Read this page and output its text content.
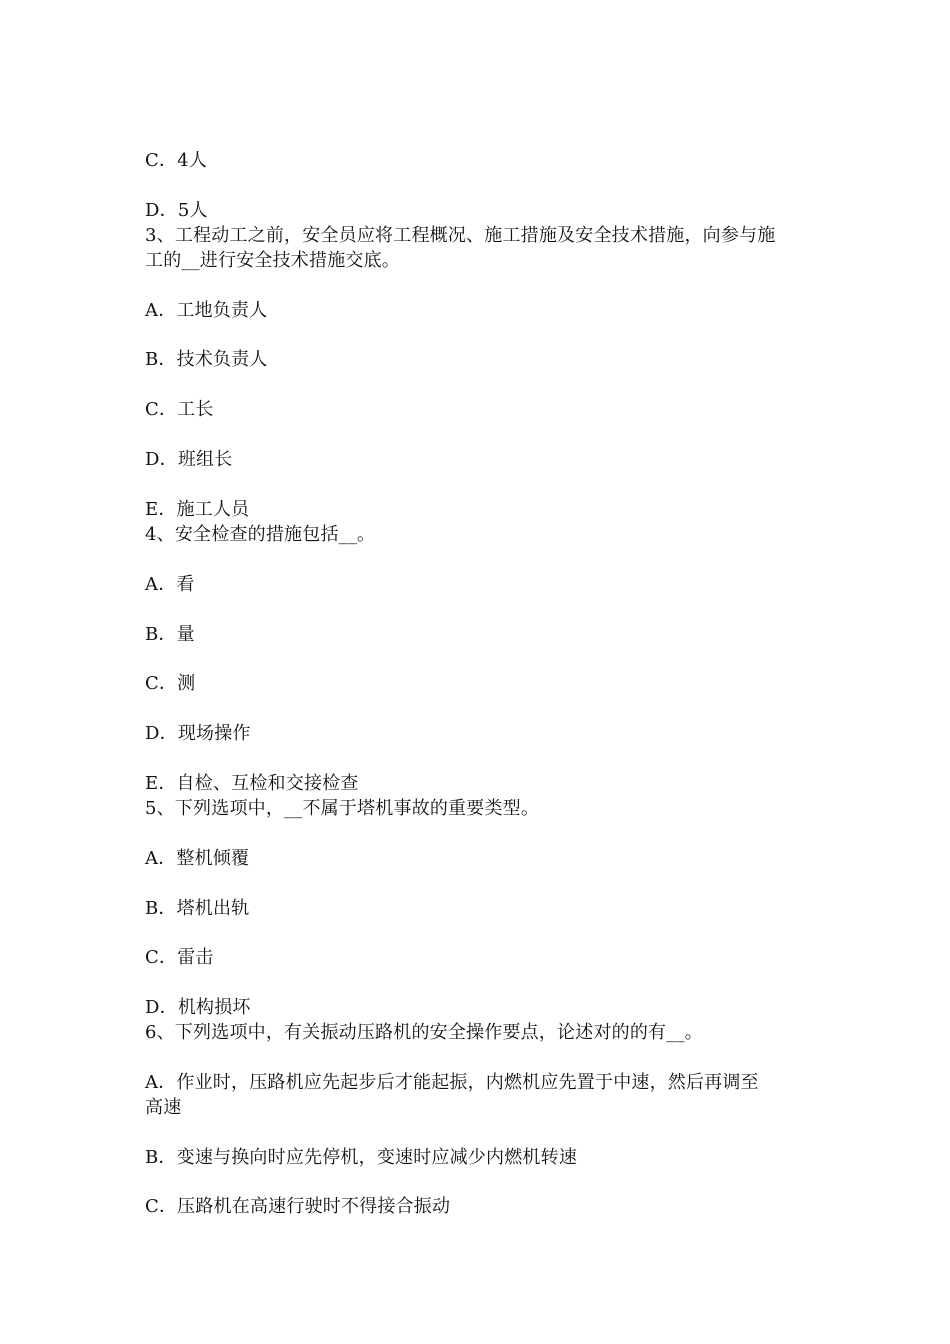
C．4人
D．5人
3、工程动工之前，安全员应将工程概况、施工措施及安全技术措施，向参与施
工的__进行安全技术措施交底。
A．工地负责人
B．技术负责人
C．工长
D．班组长
E．施工人员
4、安全检查的措施包括__。
A．看
B．量
C．测
D．现场操作
E．自检、互检和交接检查
5、下列选项中，__不属于塔机事故的重要类型。
A．整机倾覆
B．塔机出轨
C．雷击
D．机构损坏
6、下列选项中，有关振动压路机的安全操作要点，论述对的的有__。
A．作业时，压路机应先起步后才能起振，内燃机应先置于中速，然后再调至
高速
B．变速与换向时应先停机，变速时应减少内燃机转速
C．压路机在高速行驶时不得接合振动
